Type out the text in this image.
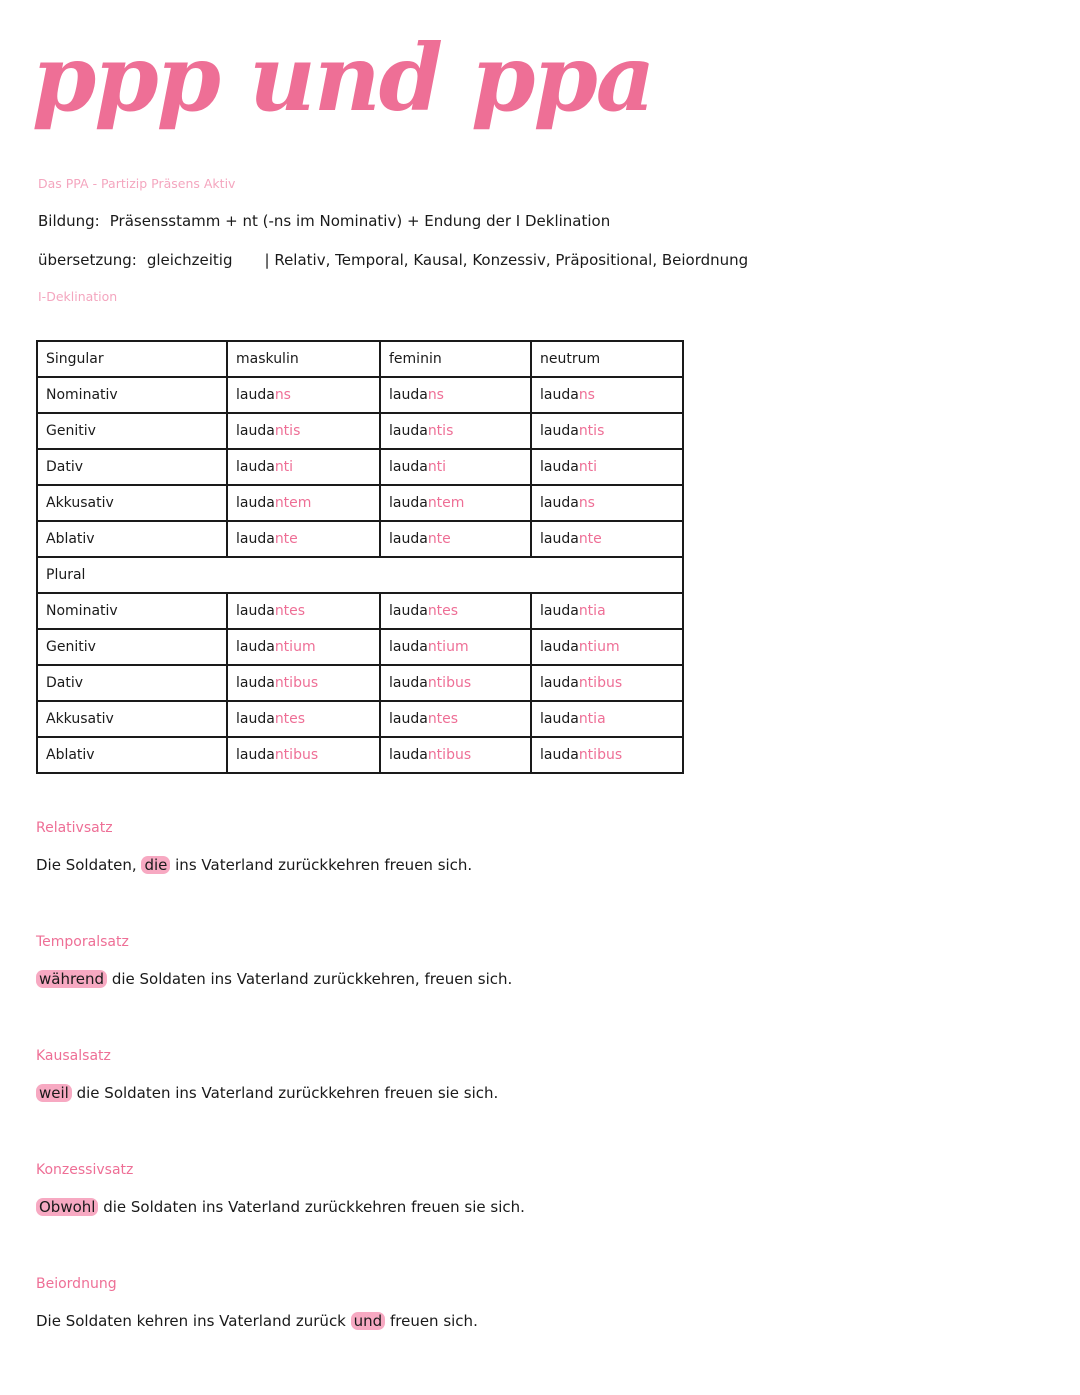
ppp und ppa
Das PPA - Partizip Präsens Aktiv
Bildung: Präsensstamm + nt (-ns im Nominativ) + Endung der I Deklination
übersetzung: gleichzeitig | Relativ, Temporal, Kausal, Konzessiv, Präpositional, Beiordnung
I-Deklination
Singular	maskulin	feminin	neutrum
Nominativ	laudans	laudans	laudans
Genitiv	laudantis	laudantis	laudantis
Dativ	laudanti	laudanti	laudanti
Akkusativ	laudantem	laudantem	laudans
Ablativ	laudante	laudante	laudante
Plural			
Nominativ	laudantes	laudantes	laudantia
Genitiv	laudantium	laudantium	laudantium
Dativ	laudantibus	laudantibus	laudantibus
Akkusativ	laudantes	laudantes	laudantia
Ablativ	laudantibus	laudantibus	laudantibus
Relativsatz
Die Soldaten, die ins Vaterland zurückkehren freuen sich.
Temporalsatz
während die Soldaten ins Vaterland zurückkehren, freuen sich.
Kausalsatz
weil die Soldaten ins Vaterland zurückkehren freuen sie sich.
Konzessivsatz
Obwohl die Soldaten ins Vaterland zurückkehren freuen sie sich.
Beiordnung
Die Soldaten kehren ins Vaterland zurück und freuen sich.
